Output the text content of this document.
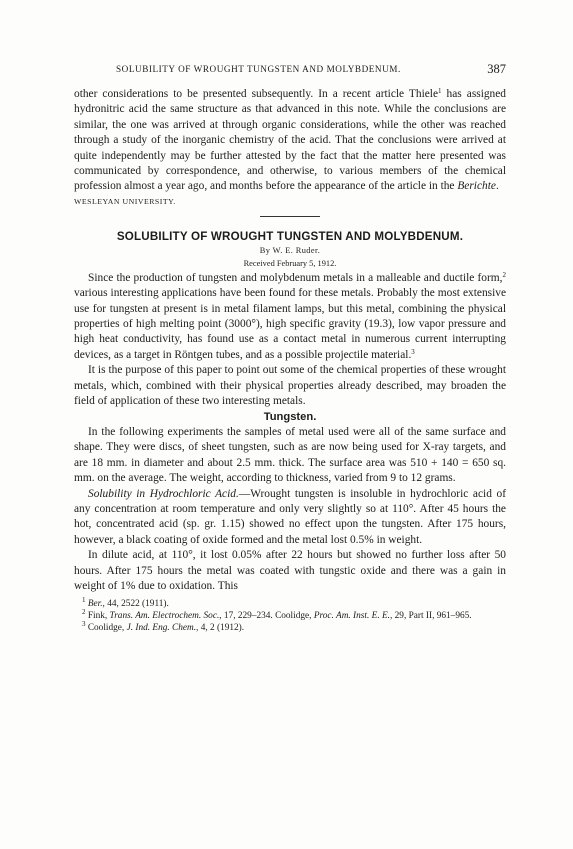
SOLUBILITY OF WROUGHT TUNGSTEN AND MOLYBDENUM.	387

other considerations to be presented subsequently. In a recent article Thiele$^1$ has assigned hydronitric acid the same structure as that advanced in this note. While the conclusions are similar, the one was arrived at through organic considerations, while the other was reached through a study of the inorganic chemistry of the acid. That the conclusions were arrived at quite independently may be further attested by the fact that the matter here presented was communicated by correspondence, and otherwise, to various members of the chemical profession almost a year ago, and months before the appearance of the article in the Berichte.

WESLEYAN UNIVERSITY.
SOLUBILITY OF WROUGHT TUNGSTEN AND MOLYBDENUM.
By W. E. Ruder.
Received February 5, 1912.

Since the production of tungsten and molybdenum metals in a malleable and ductile form,$^2$ various interesting applications have been found for these metals. Probably the most extensive use for tungsten at present is in metal filament lamps, but this metal, combining the physical properties of high melting point (3000°), high specific gravity (19.3), low vapor pressure and high heat conductivity, has found use as a contact metal in numerous current interrupting devices, as a target in Röntgen tubes, and as a possible projectile material.$^3$

It is the purpose of this paper to point out some of the chemical properties of these wrought metals, which, combined with their physical properties already described, may broaden the field of application of these two interesting metals.

Tungsten.

In the following experiments the samples of metal used were all of the same surface and shape. They were discs, of sheet tungsten, such as are now being used for X-ray targets, and are 18 mm. in diameter and about 2.5 mm. thick. The surface area was 510 + 140 = 650 sq. mm. on the average. The weight, according to thickness, varied from 9 to 12 grams.

Solubility in Hydrochloric Acid.—Wrought tungsten is insoluble in hydrochloric acid of any concentration at room temperature and only very slightly so at 110°. After 45 hours the hot, concentrated acid (sp. gr. 1.15) showed no effect upon the tungsten. After 175 hours, however, a black coating of oxide formed and the metal lost 0.5% in weight.

In dilute acid, at 110°, it lost 0.05% after 22 hours but showed no further loss after 50 hours. After 175 hours the metal was coated with tungstic oxide and there was a gain in weight of 1% due to oxidation. This

$^1$ Ber., 44, 2522 (1911).

$^2$ Fink, Trans. Am. Electrochem. Soc., 17, 229–234. Coolidge, Proc. Am. Inst. E. E., 29, Part II, 961–965.

$^3$ Coolidge, J. Ind. Eng. Chem., 4, 2 (1912).
